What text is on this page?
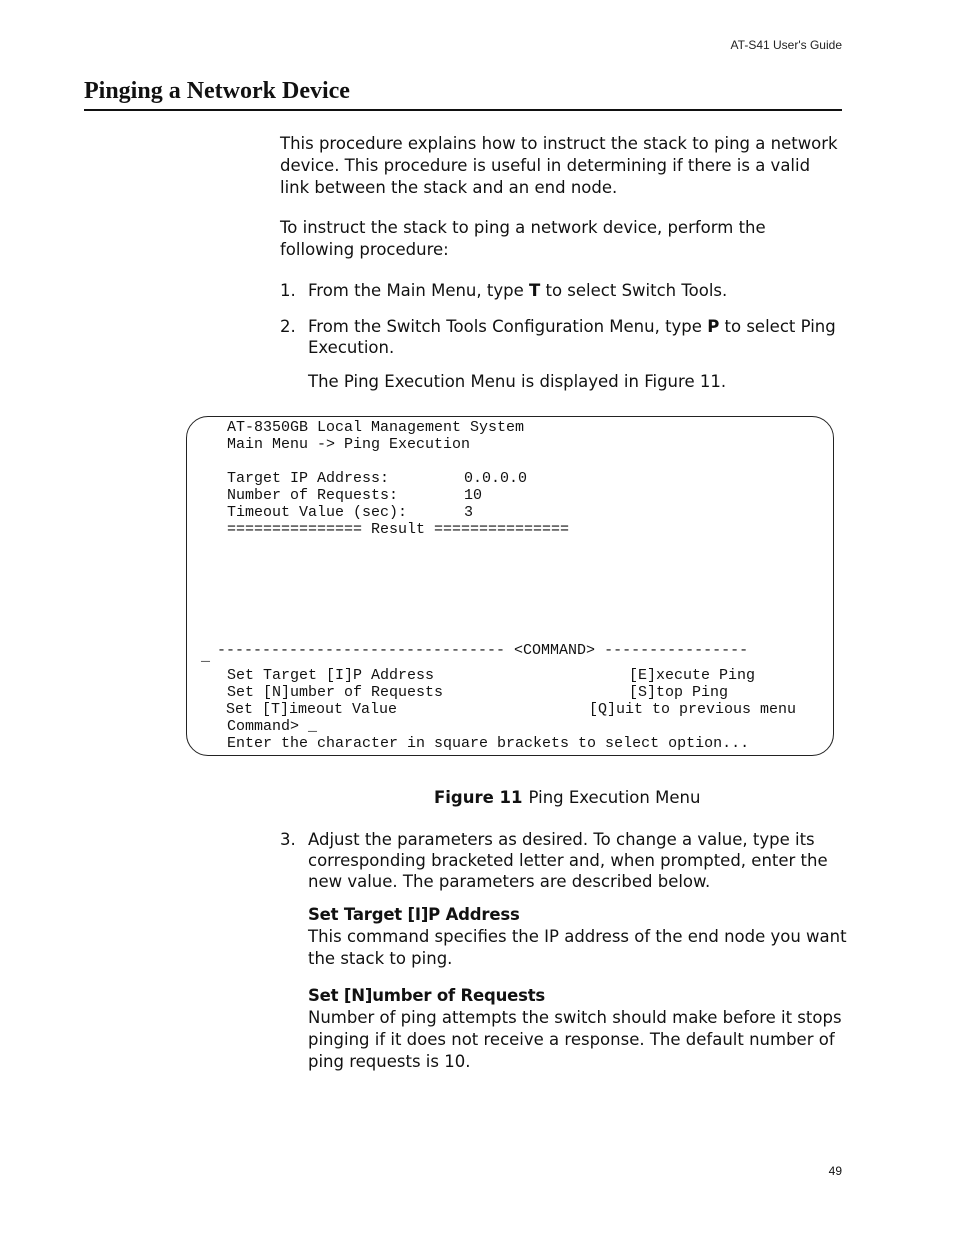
AT-S41 User's Guide
Pinging a Network Device
This procedure explains how to instruct the stack to ping a network device. This procedure is useful in determining if there is a valid link between the stack and an end node.
To instruct the stack to ping a network device, perform the following procedure:
1. From the Main Menu, type T to select Switch Tools.
2. From the Switch Tools Configuration Menu, type P to select Ping Execution.
The Ping Execution Menu is displayed in Figure 11.
AT-8350GB Local Management System
Main Menu -> Ping Execution
Target IP Address:	0.0.0.0
Number of Requests:	10
Timeout Value (sec):	3
=============== Result ===============
_ -------------------------------- <COMMAND> ----------------
Set Target [I]P Address	[E]xecute Ping
Set [N]umber of Requests	[S]top Ping
Set [T]imeout Value	[Q]uit to previous menu
Command> _
Enter the character in square brackets to select option...
Figure 11 Ping Execution Menu
3. Adjust the parameters as desired. To change a value, type its corresponding bracketed letter and, when prompted, enter the new value. The parameters are described below.
Set Target [I]P Address
This command specifies the IP address of the end node you want the stack to ping.
Set [N]umber of Requests
Number of ping attempts the switch should make before it stops pinging if it does not receive a response. The default number of ping requests is 10.
49
